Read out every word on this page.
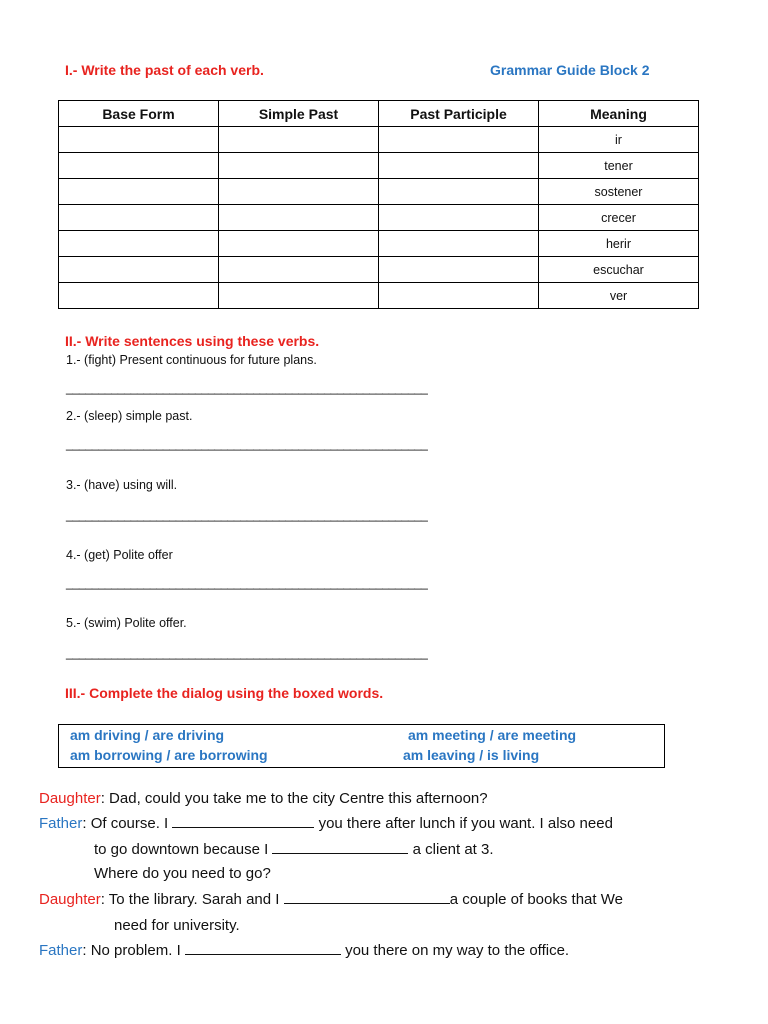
I.- Write the past of each verb.	Grammar Guide Block 2
Base Form	Simple Past	Past Participle	Meaning
			ir
			tener
			sostener
			crecer
			herir
			escuchar
			ver
II.- Write sentences using these verbs.
1.- (fight) Present continuous for future plans.
________________________________________________________
2.- (sleep) simple past.
________________________________________________________
3.- (have) using will.
________________________________________________________
4.- (get) Polite offer
________________________________________________________
5.- (swim) Polite offer.
________________________________________________________
III.- Complete the dialog using the boxed words.
am driving / are driving	am meeting / are meeting
am borrowing / are borrowing	am leaving / is living
Daughter: Dad, could you take me to the city Centre this afternoon?
Father: Of course. I	you there after lunch if you want. I also need
to go downtown because I	a client at 3.
Where do you need to go?
Daughter: To the library. Sarah and I	a couple of books that We
need for university.
Father: No problem. I	you there on my way to the office.
